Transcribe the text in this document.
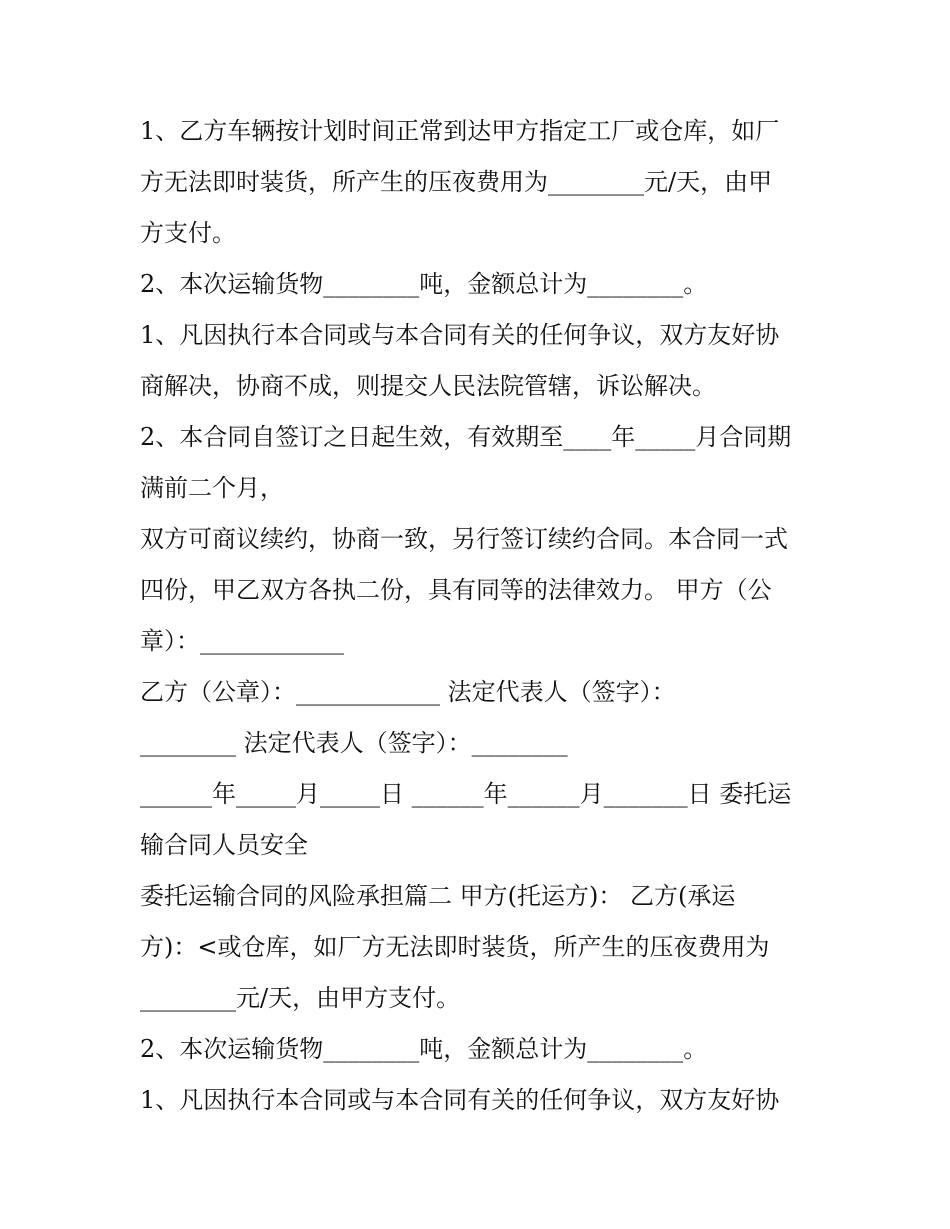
1、乙方车辆按计划时间正常到达甲方指定工厂或仓库，如厂
方无法即时装货，所产生的压夜费用为________元/天，由甲
方支付。
2、本次运输货物________吨，金额总计为________。
1、凡因执行本合同或与本合同有关的任何争议，双方友好协
商解决，协商不成，则提交人民法院管辖，诉讼解决。
2、本合同自签订之日起生效，有效期至____年_____月合同期
满前二个月，
双方可商议续约，协商一致，另行签订续约合同。本合同一式
四份，甲乙双方各执二份，具有同等的法律效力。 甲方（公
章）：____________
乙方（公章）：____________ 法定代表人（签字）：
________ 法定代表人（签字）：________
______年_____月_____日 ______年______月_______日 委托运
输合同人员安全
委托运输合同的风险承担篇二 甲方(托运方)： 乙方(承运
方)：<或仓库，如厂方无法即时装货，所产生的压夜费用为
________元/天，由甲方支付。
2、本次运输货物________吨，金额总计为________。
1、凡因执行本合同或与本合同有关的任何争议，双方友好协
